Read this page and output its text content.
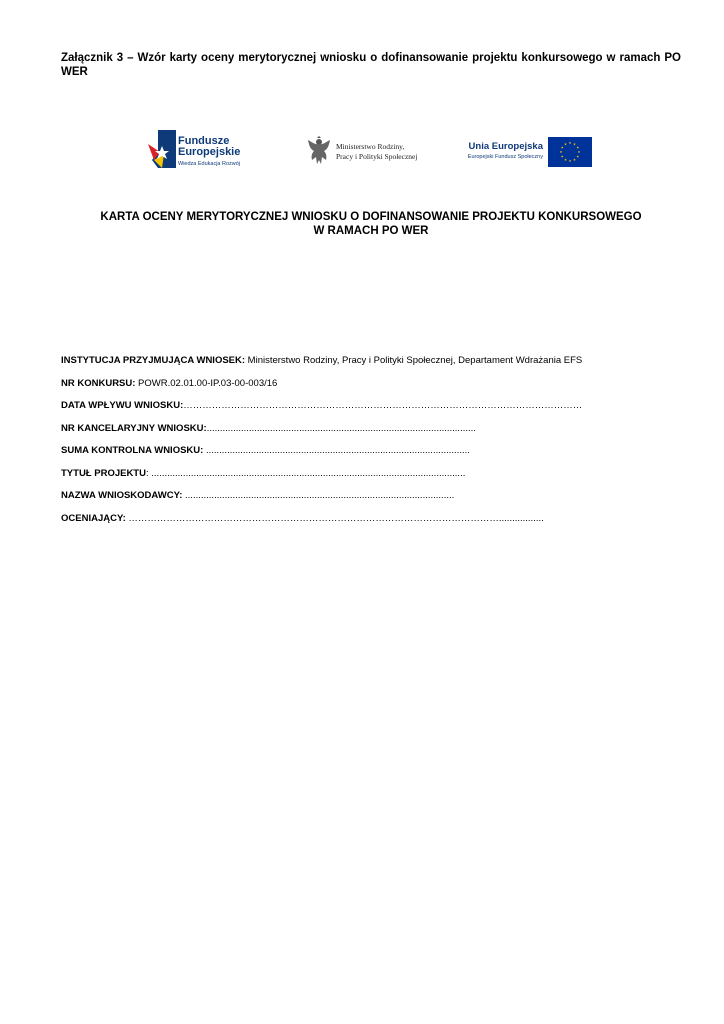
Załącznik 3 – Wzór karty oceny merytorycznej wniosku o dofinansowanie projektu konkursowego w ramach PO WER
Fundusze
Europejskie
Wiedza Edukacja Rozwój
Ministerstwo Rodziny,
Pracy i Polityki Społecznej
Unia Europejska
Europejski Fundusz Społeczny
KARTA OCENY MERYTORYCZNEJ WNIOSKU O DOFINANSOWANIE PROJEKTU KONKURSOWEGO
W RAMACH PO WER
INSTYTUCJA PRZYJMUJĄCA WNIOSEK: Ministerstwo Rodziny, Pracy i Polityki Społecznej, Departament Wdrażania EFS
NR KONKURSU: POWR.02.01.00-IP.03-00-003/16
DATA WPŁYWU WNIOSKU:………………………………………………………………………………………………………………
NR KANCELARYJNY WNIOSKU:......................................................................................................
SUMA KONTROLNA WNIOSKU: ....................................................................................................
TYTUŁ PROJEKTU: .......................................................................................................................
NAZWA WNIOSKODAWCY: ......................................................................................................
OCENIAJĄCY: ……………………………………………………………………………………………………….................
